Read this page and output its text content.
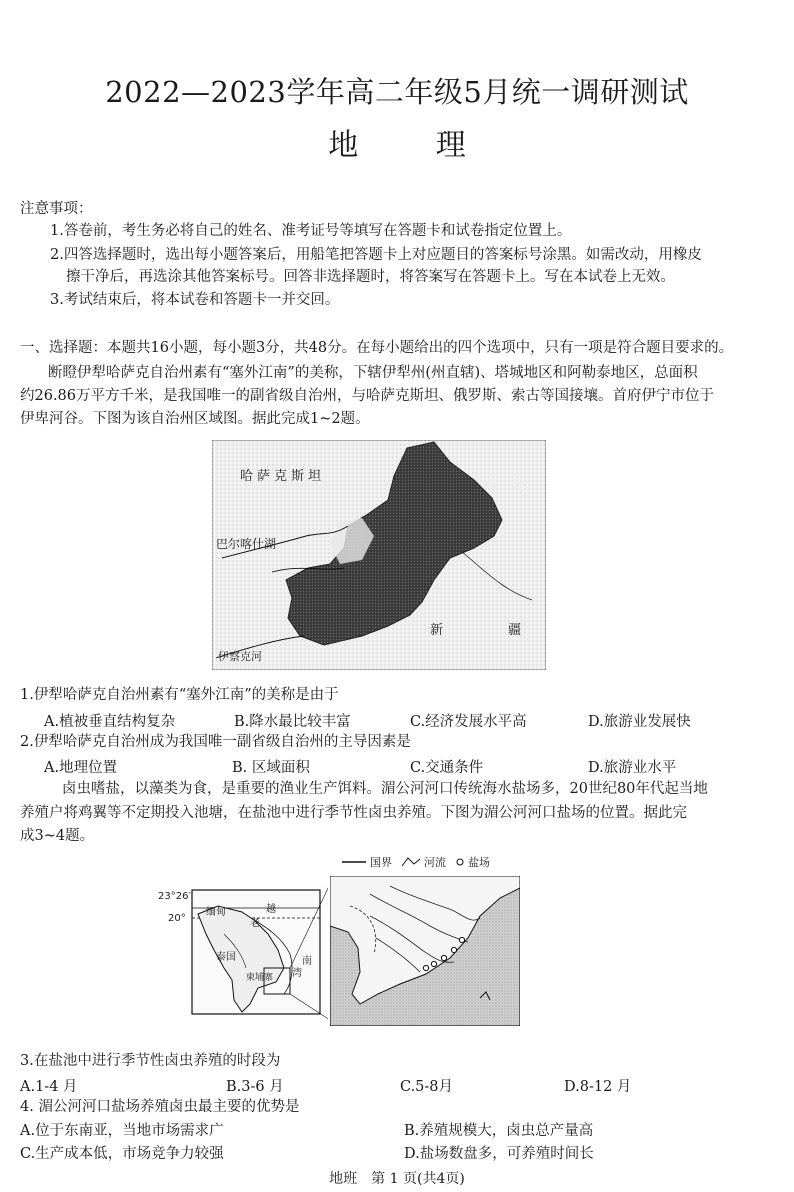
2022—2023学年高二年级5月统一调研测试
地 理
注意事项：
1.答卷前，考生务必将自己的姓名、准考证号等填写在答题卡和试卷指定位置上。
2.四答选择题时，选出每小题答案后，用船笔把答题卡上对应题目的答案标号涂黑。如需改动，用橡皮
擦干净后，再选涂其他答案标号。回答非选择题时，将答案写在答题卡上。写在本试卷上无效。
3.考试结束后，将本试卷和答题卡一并交回。
一、选择题：本题共16小题，每小题3分，共48分。在每小题给出的四个选项中，只有一项是符合题目要求的。
断瞪伊犁哈萨克自治州素有“塞外江南”的美称，下辖伊犁州(州直辖)、塔城地区和阿勒泰地区，总面积
约26.86万平方千米，是我国唯一的副省级自治州，与哈萨克斯坦、俄罗斯、索古等国接壤。首府伊宁市位于
伊卑河谷。下图为该自治州区域图。据此完成1~2题。
哈萨克斯坦
蒙古
巴尔喀什湖
新	疆
伊察克河
1.伊犁哈萨克自治州素有“塞外江南”的美称是由于
A.植被垂直结构复杂	B.降水最比较丰富	C.经济发展水平高	D.旅游业发展快
2.伊犁哈萨克自治州成为我国唯一副省级自治州的主导因素是
A.地理位置	B. 区域面积	C.交通条件	D.旅游业水平
卤虫嗜盐，以藻类为食，是重要的渔业生产饵料。湄公河河口传统海水盐场多，20世纪80年代起当地
养殖户将鸡翼等不定期投入池塘，在盐池中进行季节性卤虫养殖。下图为湄公河河口盐场的位置。据此完
成3~4题。
国界	河流 盐场
23°26′
20°
缅甸
老
越
泰国
柬埔寨 湾
南
3.在盐池中进行季节性卤虫养殖的时段为
A.1-4 月	B.3-6 月	C.5-8月	D.8-12 月
4. 湄公河河口盐场养殖卤虫最主要的优势是
A.位于东南亚，当地市场需求广	B.养殖规模大，卤虫总产量高
C.生产成本低，市场竞争力较强	D.盐场数盘多，可养殖时间长
地班　第 1 页(共4页)
